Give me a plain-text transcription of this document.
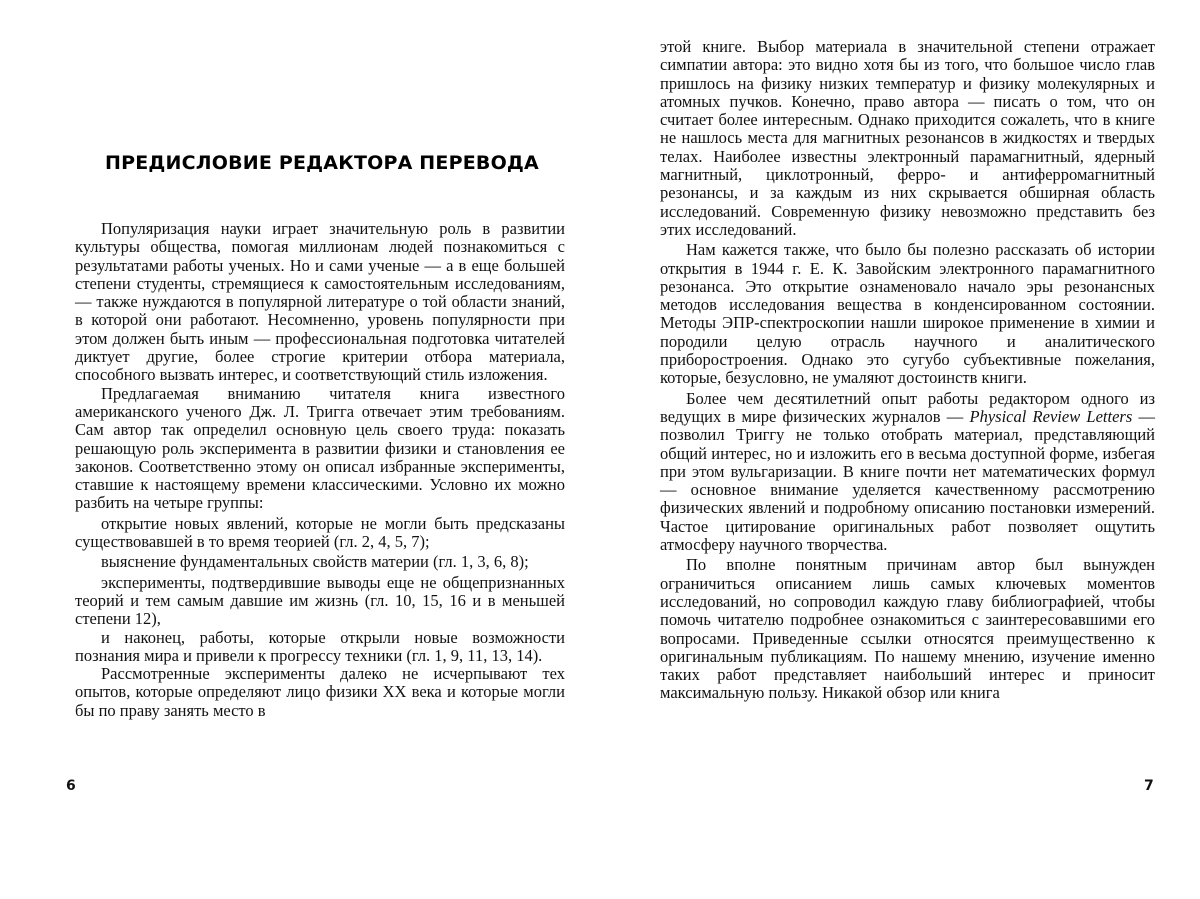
ПРЕДИСЛОВИЕ РЕДАКТОРА ПЕРЕВОДА

Популяризация науки играет значительную роль в развитии культуры общества, помогая миллионам людей познакомиться с результатами работы ученых. Но и сами ученые — а в еще большей степени студенты, стремящиеся к самостоятельным исследованиям, — также нуждаются в популярной литературе о той области знаний, в которой они работают. Несомненно, уровень популярности при этом должен быть иным — профессиональная подготовка читателей диктует другие, более строгие критерии отбора материала, способного вызвать интерес, и соответствующий стиль изложения.

Предлагаемая вниманию читателя книга известного американского ученого Дж. Л. Тригга отвечает этим требованиям. Сам автор так определил основную цель своего труда: показать решающую роль эксперимента в развитии физики и становления ее законов. Соответственно этому он описал избранные эксперименты, ставшие к настоящему времени классическими. Условно их можно разбить на четыре группы:

открытие новых явлений, которые не могли быть предсказаны существовавшей в то время теорией (гл. 2, 4, 5, 7);

выяснение фундаментальных свойств материи (гл. 1, 3, 6, 8);

эксперименты, подтвердившие выводы еще не общепризнанных теорий и тем самым давшие им жизнь (гл. 10, 15, 16 и в меньшей степени 12),

и наконец, работы, которые открыли новые возможности познания мира и привели к прогрессу техники (гл. 1, 9, 11, 13, 14).

Рассмотренные эксперименты далеко не исчерпывают тех опытов, которые определяют лицо физики XX века и которые могли бы по праву занять место в

6

этой книге. Выбор материала в значительной степени отражает симпатии автора: это видно хотя бы из того, что большое число глав пришлось на физику низких температур и физику молекулярных и атомных пучков. Конечно, право автора — писать о том, что он считает более интересным. Однако приходится сожалеть, что в книге не нашлось места для магнитных резонансов в жидкостях и твердых телах. Наиболее известны электронный парамагнитный, ядерный магнитный, циклотронный, ферро- и антиферромагнитный резонансы, и за каждым из них скрывается обширная область исследований. Современную физику невозможно представить без этих исследований.

Нам кажется также, что было бы полезно рассказать об истории открытия в 1944 г. Е. К. Завойским электронного парамагнитного резонанса. Это открытие ознаменовало начало эры резонансных методов исследования вещества в конденсированном состоянии. Методы ЭПР-спектроскопии нашли широкое применение в химии и породили целую отрасль научного и аналитического приборостроения. Однако это сугубо субъективные пожелания, которые, безусловно, не умаляют достоинств книги.

Более чем десятилетний опыт работы редактором одного из ведущих в мире физических журналов — Physical Review Letters — позволил Триггу не только отобрать материал, представляющий общий интерес, но и изложить его в весьма доступной форме, избегая при этом вульгаризации. В книге почти нет математических формул — основное внимание уделяется качественному рассмотрению физических явлений и подробному описанию постановки измерений. Частое цитирование оригинальных работ позволяет ощутить атмосферу научного творчества.

По вполне понятным причинам автор был вынужден ограничиться описанием лишь самых ключевых моментов исследований, но сопроводил каждую главу библиографией, чтобы помочь читателю подробнее ознакомиться с заинтересовавшими его вопросами. Приведенные ссылки относятся преимущественно к оригинальным публикациям. По нашему мнению, изучение именно таких работ представляет наибольший интерес и приносит максимальную пользу. Никакой обзор или книга

7
